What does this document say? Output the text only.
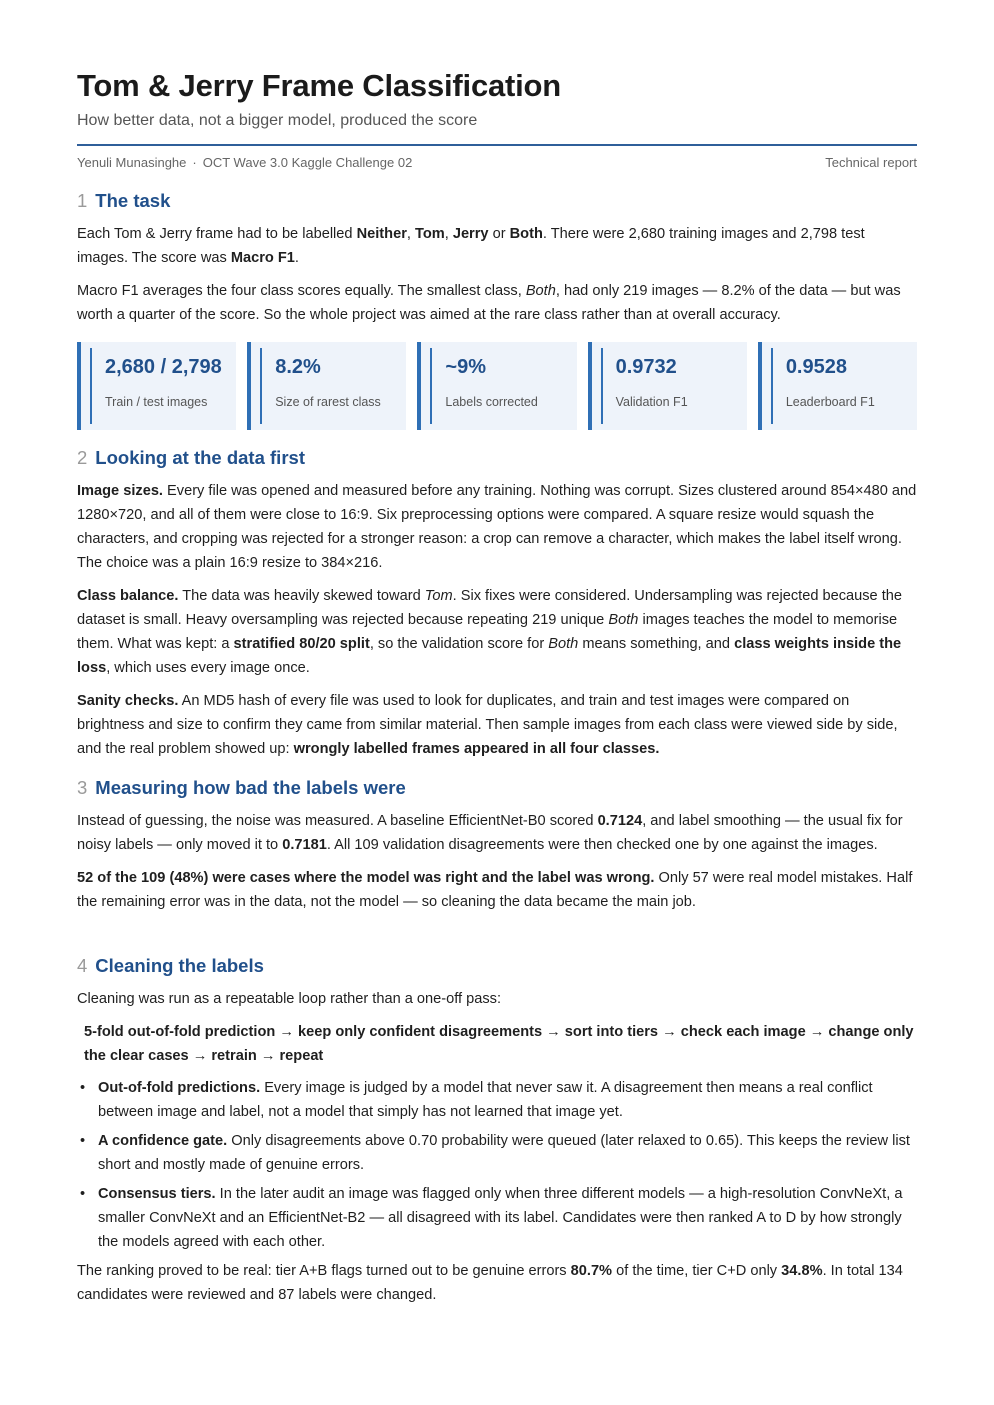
Tom & Jerry Frame Classification
How better data, not a bigger model, produced the score
Yenuli Munasinghe · OCT Wave 3.0 Kaggle Challenge 02	Technical report
1 The task

Each Tom & Jerry frame had to be labelled Neither, Tom, Jerry or Both. There were 2,680 training images and 2,798 test images. The score was Macro F1.

Macro F1 averages the four class scores equally. The smallest class, Both, had only 219 images — 8.2% of the data — but was worth a quarter of the score. So the whole project was aimed at the rare class rather than at overall accuracy.

2,680 / 2,798
Train / test images
8.2%
Size of rarest class
~9%
Labels corrected
0.9732
Validation F1
0.9528
Leaderboard F1
2 Looking at the data first

Image sizes. Every file was opened and measured before any training. Nothing was corrupt. Sizes clustered around 854×480 and 1280×720, and all of them were close to 16:9. Six preprocessing options were compared. A square resize would squash the characters, and cropping was rejected for a stronger reason: a crop can remove a character, which makes the label itself wrong. The choice was a plain 16:9 resize to 384×216.

Class balance. The data was heavily skewed toward Tom. Six fixes were considered. Undersampling was rejected because the dataset is small. Heavy oversampling was rejected because repeating 219 unique Both images teaches the model to memorise them. What was kept: a stratified 80/20 split, so the validation score for Both means something, and class weights inside the loss, which uses every image once.

Sanity checks. An MD5 hash of every file was used to look for duplicates, and train and test images were compared on brightness and size to confirm they came from similar material. Then sample images from each class were viewed side by side, and the real problem showed up: wrongly labelled frames appeared in all four classes.

3 Measuring how bad the labels were

Instead of guessing, the noise was measured. A baseline EfficientNet-B0 scored 0.7124, and label smoothing — the usual fix for noisy labels — only moved it to 0.7181. All 109 validation disagreements were then checked one by one against the images.

52 of the 109 (48%) were cases where the model was right and the label was wrong. Only 57 were real model mistakes. Half the remaining error was in the data, not the model — so cleaning the data became the main job.

4 Cleaning the labels

Cleaning was run as a repeatable loop rather than a one-off pass:

5-fold out-of-fold prediction → keep only confident disagreements → sort into tiers → check each image → change only the clear cases → retrain → repeat
• Out-of-fold predictions. Every image is judged by a model that never saw it. A disagreement then means a real conflict between image and label, not a model that simply has not learned that image yet.
• A confidence gate. Only disagreements above 0.70 probability were queued (later relaxed to 0.65). This keeps the review list short and mostly made of genuine errors.
• Consensus tiers. In the later audit an image was flagged only when three different models — a high-resolution ConvNeXt, a smaller ConvNeXt and an EfficientNet-B2 — all disagreed with its label. Candidates were then ranked A to D by how strongly the models agreed with each other.

The ranking proved to be real: tier A+B flags turned out to be genuine errors 80.7% of the time, tier C+D only 34.8%. In total 134 candidates were reviewed and 87 labels were changed.
